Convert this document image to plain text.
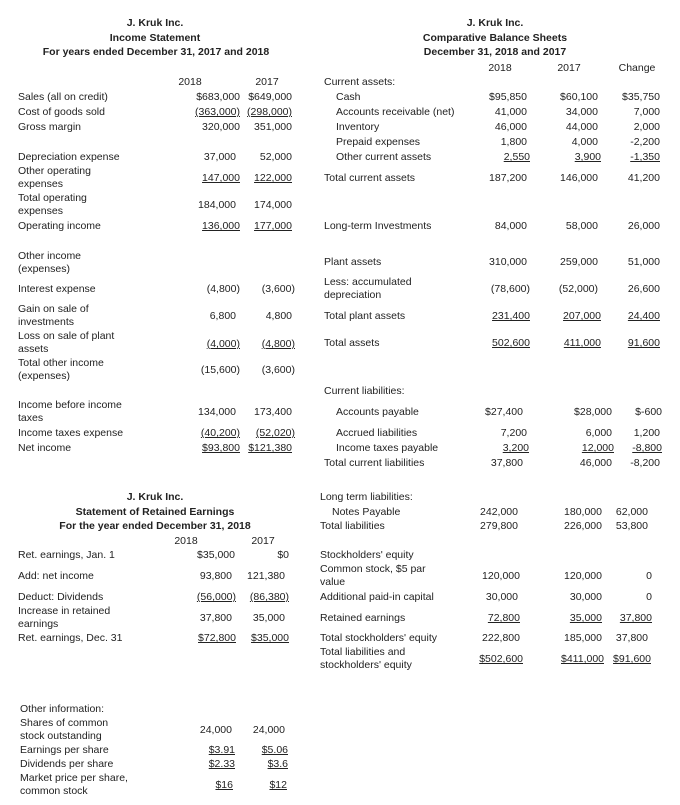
J. Kruk Inc.
Income Statement
For years ended December 31, 2017 and 2018
2018	2017
Sales (all on credit)	$683,000 $649,000
Cost of goods sold	(363,000) (298,000)
Gross margin	320,000	351,000
Depreciation expense	37,000	52,000
Other operating expenses	147,000	122,000
Total operating expenses	184,000	174,000
Operating income	136,000	177,000
Other income (expenses)
Interest expense	(4,800)	(3,600)
Gain on sale of investments	6,800	4,800
Loss on sale of plant assets	(4,000)	(4,800)
Total other income (expenses)	(15,600)	(3,600)
Income before income taxes	134,000	173,400
Income taxes expense	(40,200)	(52,020)
Net income	$93,800 $121,380
J. Kruk Inc.
Comparative Balance Sheets
December 31, 2018 and 2017
2018	2017	Change
Current assets:
Cash	$95,850	$60,100	$35,750
Accounts receivable (net)	41,000	34,000	7,000
Inventory	46,000	44,000	2,000
Prepaid expenses	1,800	4,000	-2,200
Other current assets	2,550	3,900	-1,350
Total current assets	187,200	146,000	41,200
Long-term Investments	84,000	58,000	26,000
Plant assets	310,000	259,000	51,000
Less: accumulated depreciation	(78,600)	(52,000)	26,600
Total plant assets	231,400	207,000	24,400
Total assets	502,600	411,000	91,600
Current liabilities:
Accounts payable	$27,400	$28,000	$-600
Accrued liabilities	7,200	6,000	1,200
Income taxes payable	3,200	12,000	-8,800
Total current liabilities	37,800	46,000	-8,200
Long term liabilities:
Notes Payable	242,000	180,000	62,000
Total liabilities	279,800	226,000	53,800
Stockholders' equity
Common stock, $5 par value	120,000	120,000	0
Additional paid-in capital	30,000	30,000	0
Retained earnings	72,800	35,000	37,800
Total stockholders' equity	222,800	185,000	37,800
Total liabilities and stockholders' equity	$502,600	$411,000 $91,600
J. Kruk Inc.
Statement of Retained Earnings
For the year ended December 31, 2018
2018	2017
Ret. earnings, Jan. 1	$35,000	$0
Add: net income	93,800	121,380
Deduct: Dividends	(56,000)	(86,380)
Increase in retained earnings	37,800	35,000
Ret. earnings, Dec. 31	$72,800	$35,000
Other information:
Shares of common stock outstanding	24,000	24,000
Earnings per share	$3.91	$5.06
Dividends per share	$2.33	$3.6
Market price per share, common stock	$16	$12
